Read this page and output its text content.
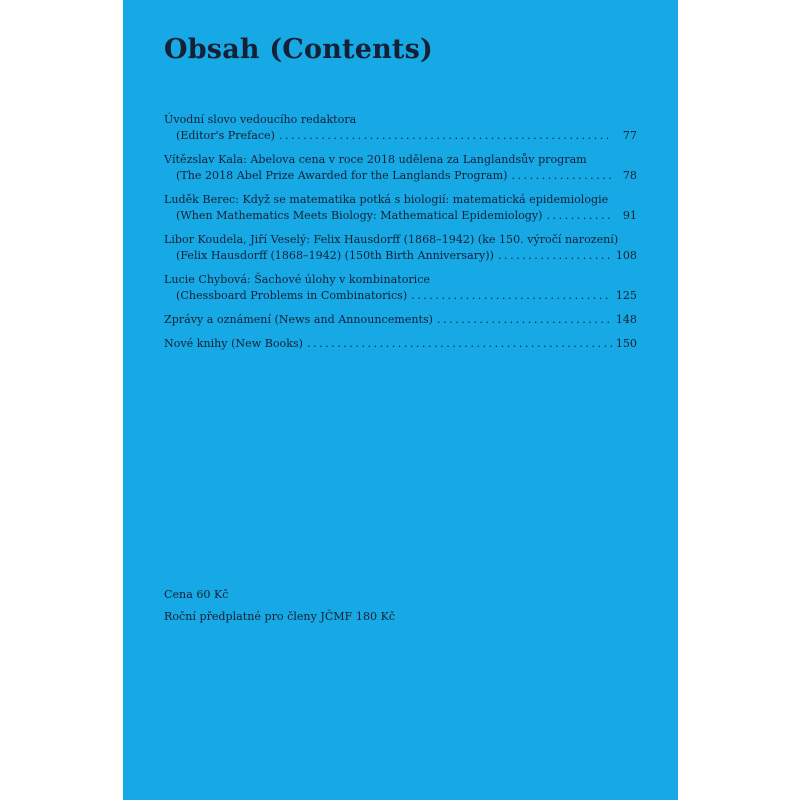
Obsah (Contents)
Úvodní slovo vedoucího redaktora
(Editor's Preface) . . .	77
Vítězslav Kala: Abelova cena v roce 2018 udělena za Langlandsův program
(The 2018 Abel Prize Awarded for the Langlands Program) . . .	78
Luděk Berec: Když se matematika potká s biologií: matematická epidemiologie
(When Mathematics Meets Biology: Mathematical Epidemiology) . . .	91
Libor Koudela, Jiří Veselý: Felix Hausdorff (1868–1942) (ke 150. výročí narození)
(Felix Hausdorff (1868–1942) (150th Birth Anniversary)) . . .	108
Lucie Chybová: Šachové úlohy v kombinatorice
(Chessboard Problems in Combinatorics) . . .	125
Zprávy a oznámení (News and Announcements) . . .	148
Nové knihy (New Books) . . .	150
Cena 60 Kč
Roční předplatné pro členy JČMF 180 Kč
